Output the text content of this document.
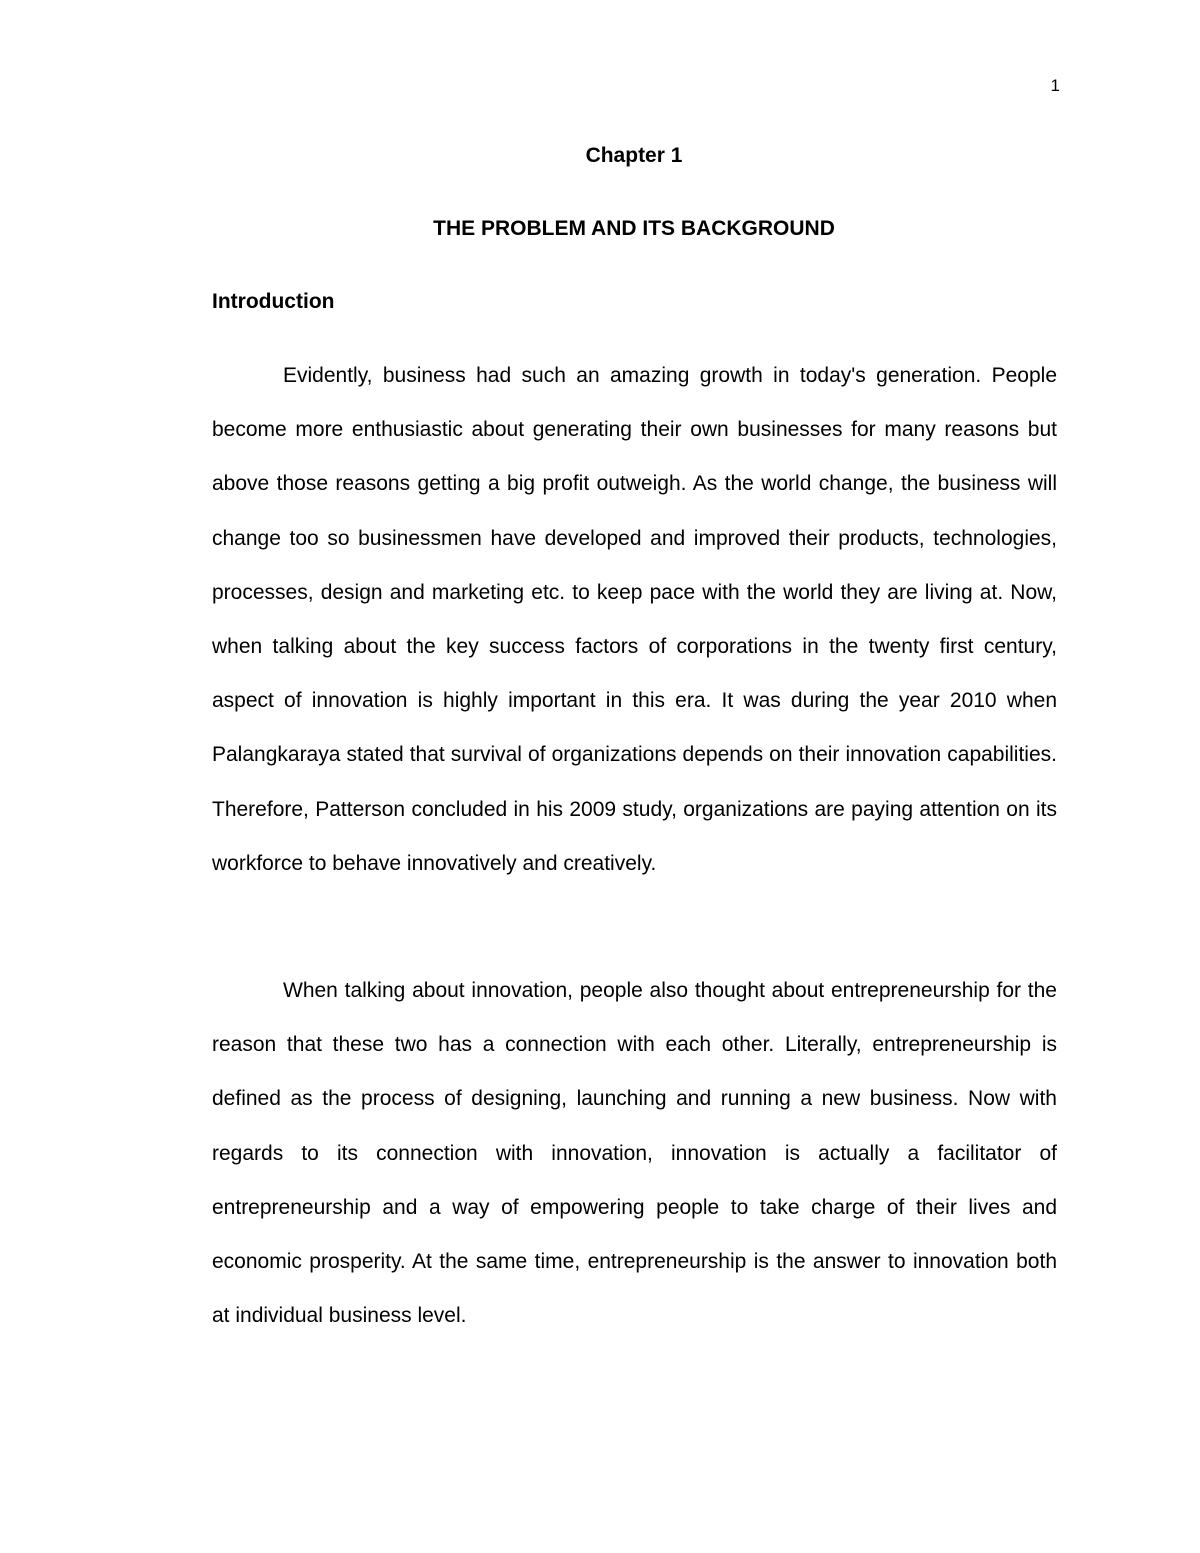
1
Chapter 1
THE PROBLEM AND ITS BACKGROUND
Introduction

Evidently, business had such an amazing growth in today's generation. People become more enthusiastic about generating their own businesses for many reasons but above those reasons getting a big profit outweigh. As the world change, the business will change too so businessmen have developed and improved their products, technologies, processes, design and marketing etc. to keep pace with the world they are living at. Now, when talking about the key success factors of corporations in the twenty first century, aspect of innovation is highly important in this era. It was during the year 2010 when Palangkaraya stated that survival of organizations depends on their innovation capabilities. Therefore, Patterson concluded in his 2009 study, organizations are paying attention on its workforce to behave innovatively and creatively.

When talking about innovation, people also thought about entrepreneurship for the reason that these two has a connection with each other. Literally, entrepreneurship is defined as the process of designing, launching and running a new business. Now with regards to its connection with innovation, innovation is actually a facilitator of entrepreneurship and a way of empowering people to take charge of their lives and economic prosperity. At the same time, entrepreneurship is the answer to innovation both at individual business level.
